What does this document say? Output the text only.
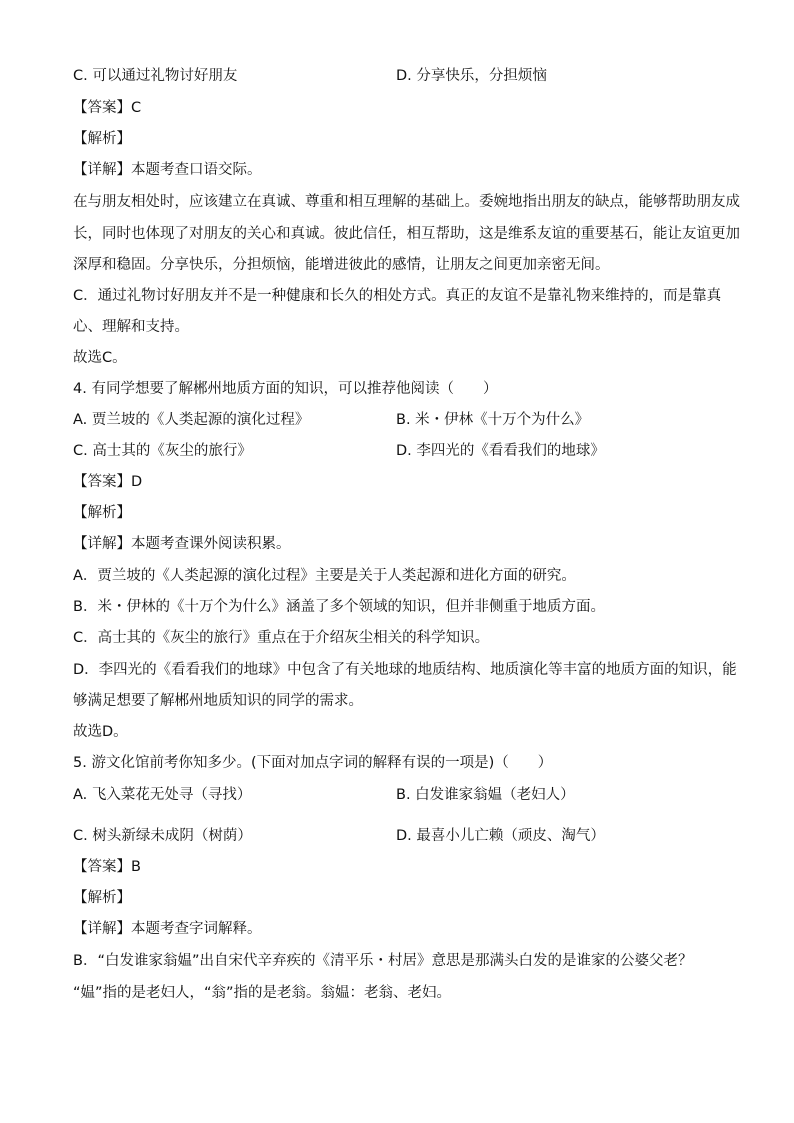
C. 可以通过礼物讨好朋友	D. 分享快乐，分担烦恼
【答案】C
【解析】
【详解】本题考查口语交际。
在与朋友相处时，应该建立在真诚、尊重和相互理解的基础上。委婉地指出朋友的缺点，能够帮助朋友成
长，同时也体现了对朋友的关心和真诚。彼此信任，相互帮助，这是维系友谊的重要基石，能让友谊更加
深厚和稳固。分享快乐，分担烦恼，能增进彼此的感情，让朋友之间更加亲密无间。
C．通过礼物讨好朋友并不是一种健康和长久的相处方式。真正的友谊不是靠礼物来维持的，而是靠真
心、理解和支持。
故选C。
4. 有同学想要了解郴州地质方面的知识，可以推荐他阅读（　　）
A. 贾兰坡的《人类起源的演化过程》	B. 米・伊林《十万个为什么》
C. 高士其的《灰尘的旅行》	D. 李四光的《看看我们的地球》
【答案】D
【解析】
【详解】本题考查课外阅读积累。
A．贾兰坡的《人类起源的演化过程》主要是关于人类起源和进化方面的研究。
B．米・伊林的《十万个为什么》涵盖了多个领域的知识，但并非侧重于地质方面。
C．高士其的《灰尘的旅行》重点在于介绍灰尘相关的科学知识。
D．李四光的《看看我们的地球》中包含了有关地球的地质结构、地质演化等丰富的地质方面的知识，能
够满足想要了解郴州地质知识的同学的需求。
故选D。
5. 游文化馆前考你知多少。(下面对加点字词的解释有误的一项是)（　　）
A. 飞入菜花无处寻（寻找）	B. 白发谁家翁媪（老妇人）
C. 树头新绿未成阴（树荫）	D. 最喜小儿亡赖（顽皮、淘气）
【答案】B
【解析】
【详解】本题考查字词解释。
B．“白发谁家翁媪”出自宋代辛弃疾的《清平乐・村居》意思是那满头白发的是谁家的公婆父老？
“媪”指的是老妇人，“翁”指的是老翁。翁媪：老翁、老妇。
